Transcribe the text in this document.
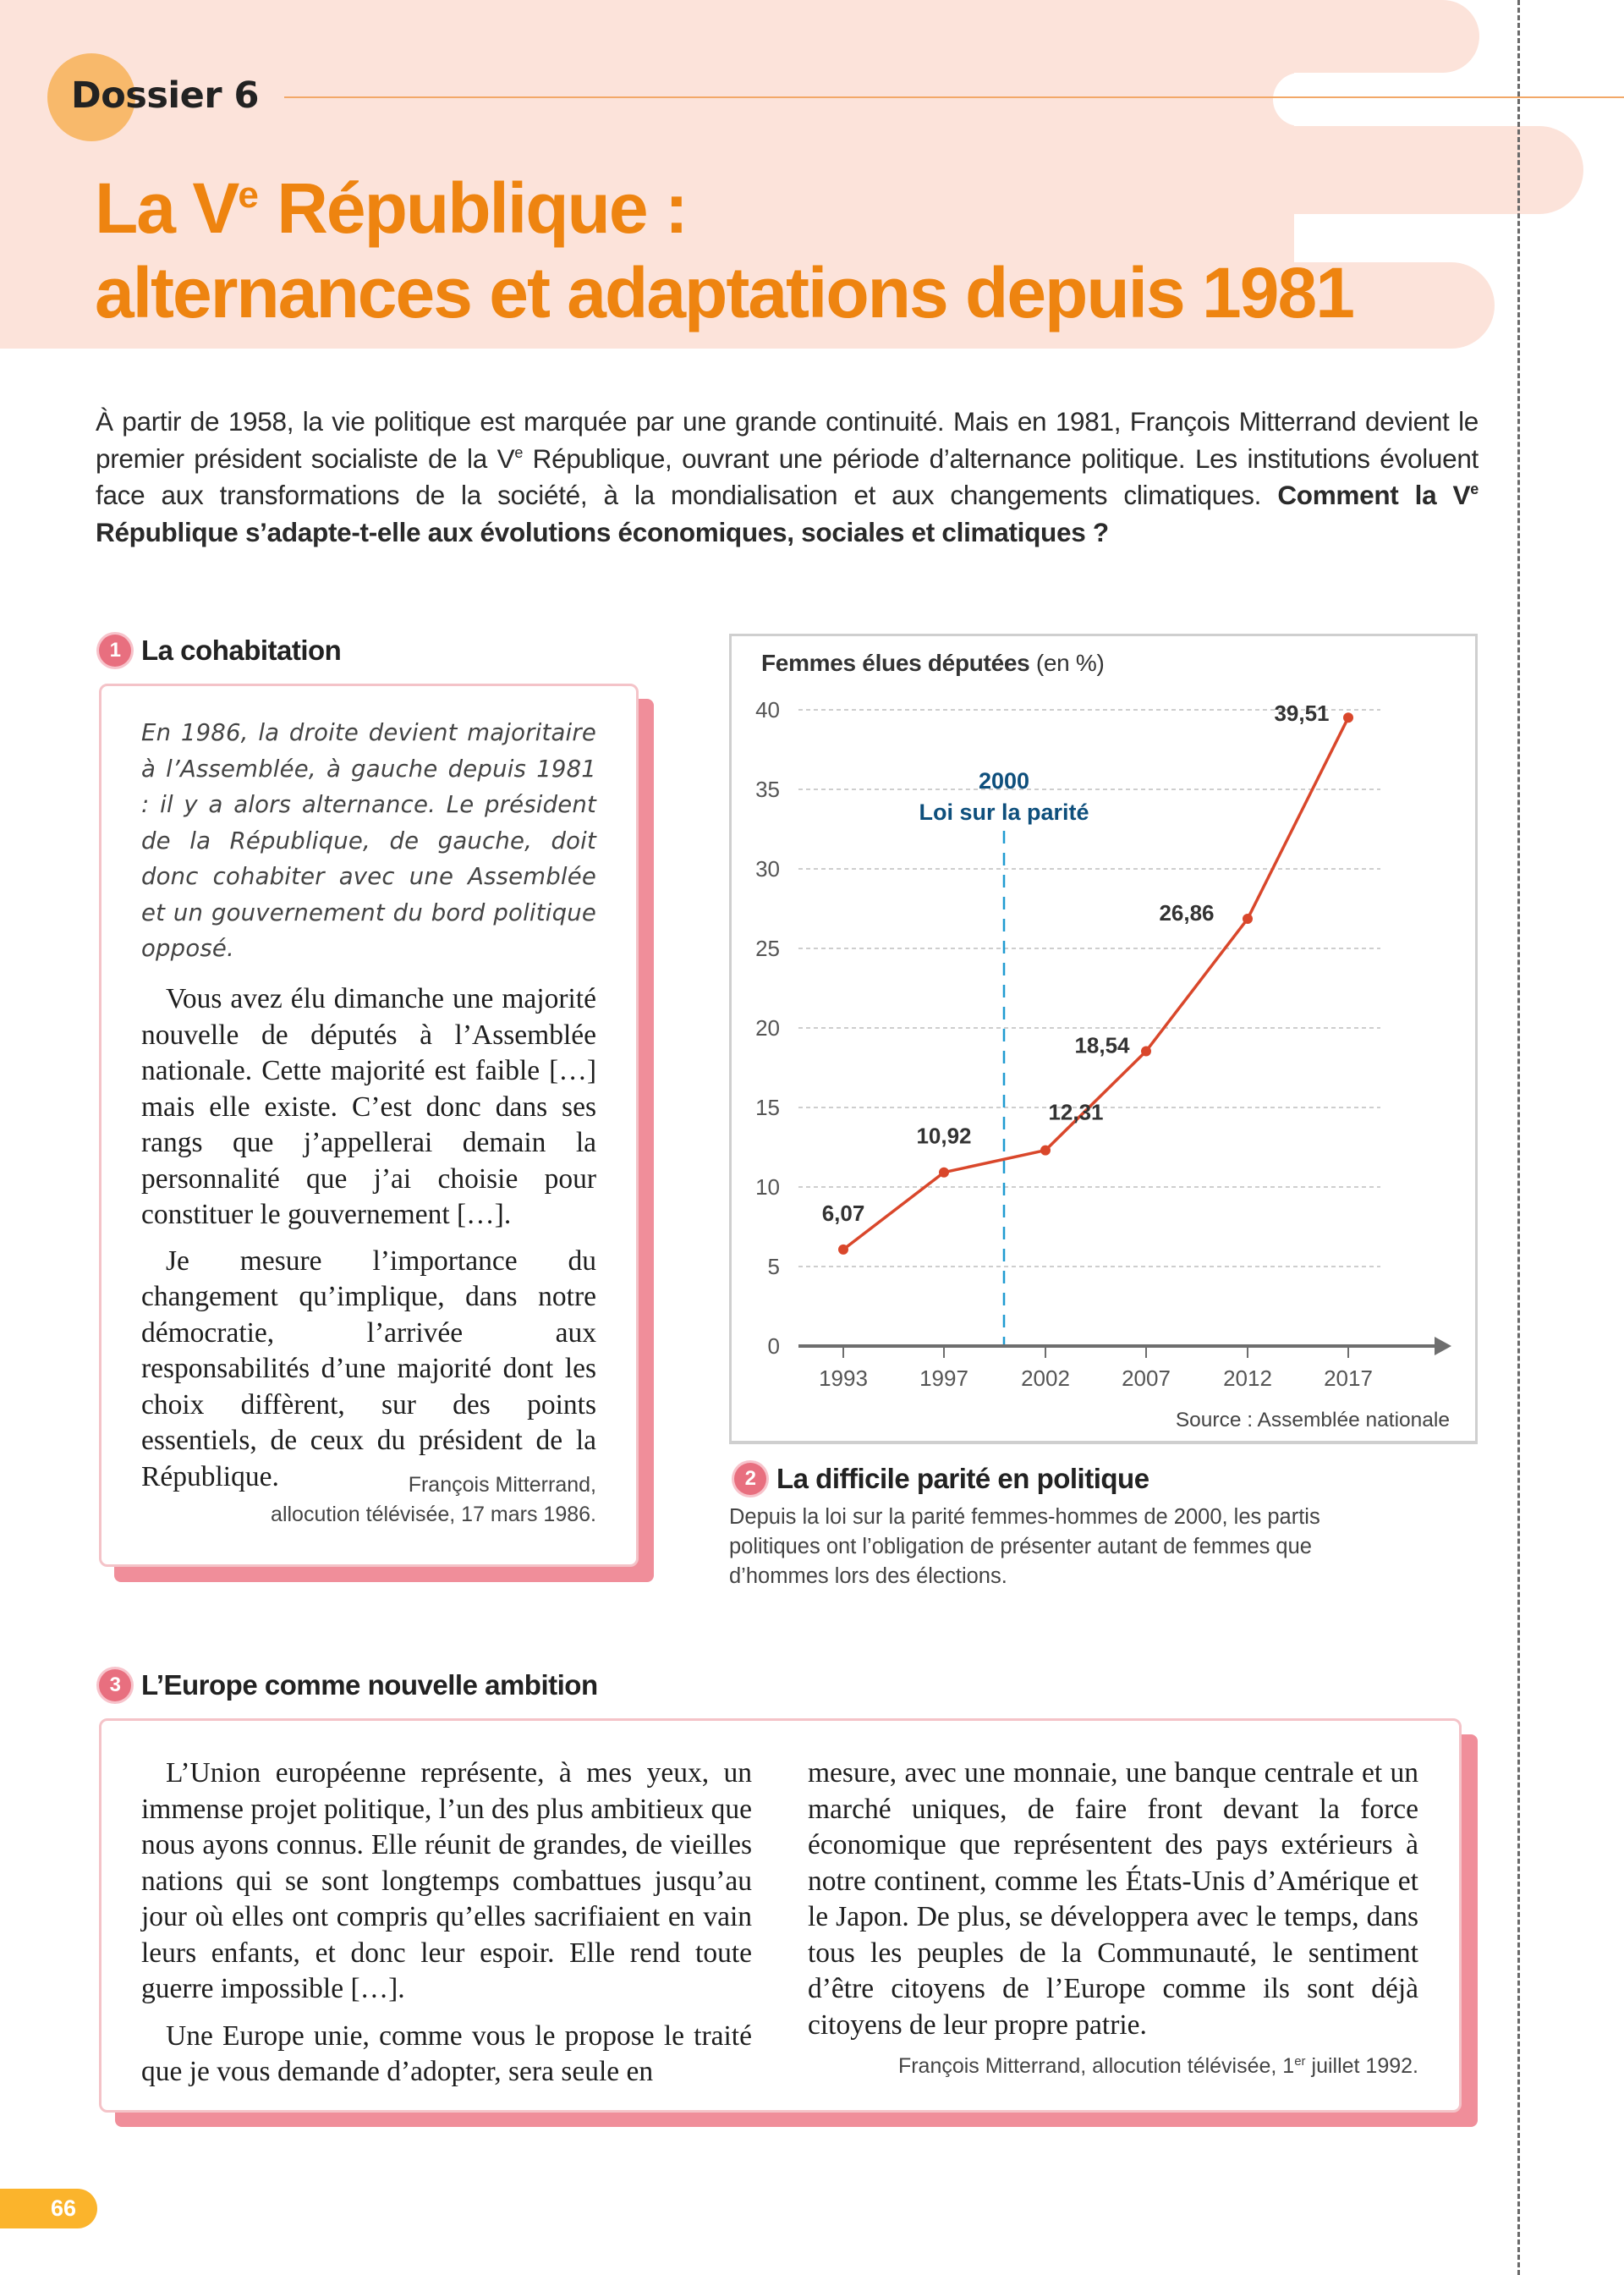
Dossier 6
La Ve République :
alternances et adaptations depuis 1981

À partir de 1958, la vie politique est marquée par une grande continuité. Mais en 1981, François Mitterrand devient le premier président socialiste de la Ve République, ouvrant une période d’alternance politique. Les institutions évoluent face aux transformations de la société, à la mondialisation et aux changements climatiques. Comment la Ve République s’adapte-t-elle aux évolutions économiques, sociales et climatiques ?

1 La cohabitation

En 1986, la droite devient majoritaire à l’Assemblée, à gauche depuis 1981 : il y a alors alternance. Le président de la République, de gauche, doit donc cohabiter avec une Assemblée et un gouvernement du bord politique opposé.

Vous avez élu dimanche une majorité nouvelle de députés à l’Assemblée nationale. Cette majorité est faible […] mais elle existe. C’est donc dans ses rangs que j’appellerai demain la personnalité que j’ai choisie pour constituer le gouvernement […].

Je mesure l’importance du changement qu’implique, dans notre démocratie, l’arrivée aux responsabilités d’une majorité dont les choix diffèrent, sur des points essentiels, de ceux du président de la République.	François Mitterrand,
allocution télévisée, 17 mars 1986.
Femmes élues députées (en %)
0
5
10
15
20
25
30
35
40
2000
Loi sur la parité
1993 1997 2002 2007 2012 2017
6,07
10,92
12,31
18,54
26,86
39,51
Source : Assemblée nationale
2 La difficile parité en politique

Depuis la loi sur la parité femmes-hommes de 2000, les partis politiques ont l’obligation de présenter autant de femmes que d’hommes lors des élections.

3 L’Europe comme nouvelle ambition

L’Union européenne représente, à mes yeux, un immense projet politique, l’un des plus ambitieux que nous ayons connus. Elle réunit de grandes, de vieilles nations qui se sont longtemps combattues jusqu’au jour où elles ont compris qu’elles sacrifiaient en vain leurs enfants, et donc leur espoir. Elle rend toute guerre impossible […].

Une Europe unie, comme vous le propose le traité que je vous demande d’adopter, sera seule en

mesure, avec une monnaie, une banque centrale et un marché uniques, de faire front devant la force économique que représentent des pays extérieurs à notre continent, comme les États-Unis d’Amérique et le Japon. De plus, se développera avec le temps, dans tous les peuples de la Communauté, le sentiment d’être citoyens de l’Europe comme ils sont déjà citoyens de leur propre patrie.

François Mitterrand, allocution télévisée, 1er juillet 1992.
66
